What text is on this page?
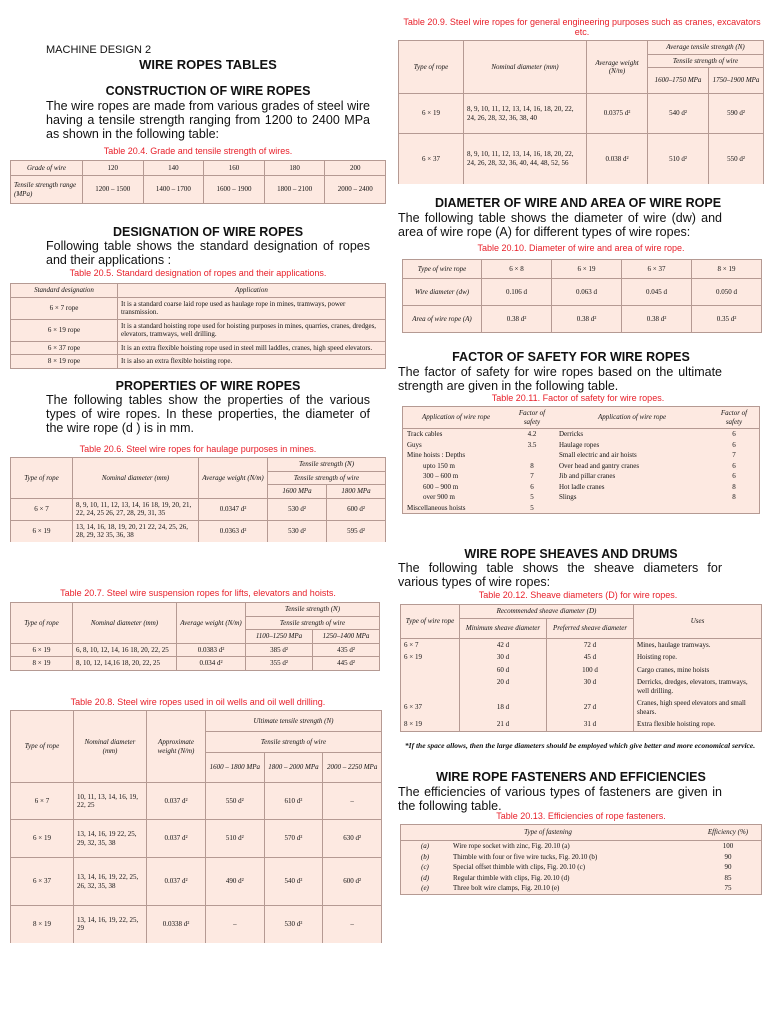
MACHINE DESIGN 2
WIRE ROPES TABLES
CONSTRUCTION OF WIRE ROPES
The wire ropes are made from various grades of steel wire having a tensile strength ranging from 1200 to 2400 MPa as shown in the following table:
Table 20.4. Grade and tensile strength of wires.
Grade of wire	120	140	160	180	200
Tensile strength range (MPa)	1200 – 1500	1400 – 1700	1600 – 1900	1800 – 2100	2000 – 2400
DESIGNATION OF WIRE ROPES
Following table shows the standard designation of ropes and their applications :
Table 20.5. Standard designation of ropes and their applications.
Standard designation	Application
6 × 7 rope	It is a standard coarse laid rope used as haulage rope in mines, tramways, power transmission.
6 × 19 rope	It is a standard hoisting rope used for hoisting purposes in mines, quarries, cranes, dredges, elevators, tramways, well drilling.
6 × 37 rope	It is an extra flexible hoisting rope used in steel mill laddles, cranes, high speed elevators.
8 × 19 rope	It is also an extra flexible hoisting rope.
PROPERTIES OF WIRE ROPES
The following tables show the properties of the various types of wire ropes. In these properties, the diameter of the wire rope (d ) is in mm.
Table 20.6. Steel wire ropes for haulage purposes in mines.
Type of rope	Nominal diameter (mm)	Average weight (N/m)	Tensile strength (N)	
			Tensile strength of wire	
			1600 MPa	1800 MPa
6 × 7	8, 9, 10, 11, 12, 13, 14, 16 18, 19, 20, 21, 22, 24, 25 26, 27, 28, 29, 31, 35	0.0347 d²	530 d²	600 d²
6 × 19	13, 14, 16, 18, 19, 20, 21 22, 24, 25, 26, 28, 29, 32 35, 36, 38	0.0363 d²	530 d²	595 d²
Table 20.7. Steel wire suspension ropes for lifts, elevators and hoists.
Type of rope	Nominal diameter (mm)	Average weight (N/m)	Tensile strength (N)	
			Tensile strength of wire	
			1100–1250 MPa	1250–1400 MPa
6 × 19	6, 8, 10, 12, 14, 16 18, 20, 22, 25	0.0383 d²	385 d²	435 d²
8 × 19	8, 10, 12, 14,16 18, 20, 22, 25	0.034 d²	355 d²	445 d²
Table 20.8. Steel wire ropes used in oil wells and oil well drilling.
Type of rope	Nominal diameter (mm)	Approximate weight (N/m)	Ultimate tensile strength (N)		
			Tensile strength of wire		
			1600 – 1800 MPa	1800 – 2000 MPa	2000 – 2250 MPa
6 × 7	10, 11, 13, 14, 16, 19, 22, 25	0.037 d²	550 d²	610 d²	–
6 × 19	13, 14, 16, 19 22, 25, 29, 32, 35, 38	0.037 d²	510 d²	570 d²	630 d²
6 × 37	13, 14, 16, 19, 22, 25, 26, 32, 35, 38	0.037 d²	490 d²	540 d²	600 d²
8 × 19	13, 14, 16, 19, 22, 25, 29	0.0338 d²	–	530 d²	–
Table 20.9. Steel wire ropes for general engineering purposes such as cranes, excavators etc.
Type of rope	Nominal diameter (mm)	Average weight (N/m)	Average tensile strength (N)	
			Tensile strength of wire	
			1600–1750 MPa	1750–1900 MPa
6 × 19	8, 9, 10, 11, 12, 13, 14, 16, 18, 20, 22, 24, 26, 28, 32, 36, 38, 40	0.0375 d²	540 d²	590 d²
6 × 37	8, 9, 10, 11, 12, 13, 14, 16, 18, 20, 22, 24, 26, 28, 32, 36, 40, 44, 48, 52, 56	0.038 d²	510 d²	550 d²
DIAMETER OF WIRE AND AREA OF WIRE ROPE
The following table shows the diameter of wire (dw) and area of wire rope (A) for different types of wire ropes:
Table 20.10. Diameter of wire and area of wire rope.
Type of wire rope	6 × 8	6 × 19	6 × 37	8 × 19
Wire diameter (dw)	0.106 d	0.063 d	0.045 d	0.050 d
Area of wire rope (A)	0.38 d²	0.38 d²	0.38 d²	0.35 d²
FACTOR OF SAFETY FOR WIRE ROPES
The factor of safety for wire ropes based on the ultimate strength are given in the following table.
Table 20.11. Factor of safety for wire ropes.
Application of wire rope	Factor of safety	Application of wire rope	Factor of safety
Track cables	4.2	Derricks	6
Guys	3.5	Haulage ropes	6
Mine hoists : Depths		Small electric and air hoists	7
upto 150 m	8	Over head and gantry cranes	6
300 – 600 m	7	Jib and pillar cranes	6
600 – 900 m	6	Hot ladle cranes	8
over 900 m	5	Slings	8
Miscellaneous hoists	5		
WIRE ROPE SHEAVES AND DRUMS
The following table shows the sheave diameters for various types of wire ropes:
Table 20.12. Sheave diameters (D) for wire ropes.
Type of wire rope	Recommended sheave diameter (D)		Uses
	Minimum sheave diameter	Preferred sheave diameter	
6 × 7	42 d	72 d	Mines, haulage tramways.
6 × 19	30 d	45 d	Hoisting rope.
	60 d	100 d	Cargo cranes, mine hoists
	20 d	30 d	Derricks, dredges, elevators, tramways, well drilling.
6 × 37	18 d	27 d	Cranes, high speed elevators and small shears.
8 × 19	21 d	31 d	Extra flexible hoisting rope.
*If the space allows, then the large diameters should be employed which give better and more economical service.
WIRE ROPE FASTENERS AND EFFICIENCIES
The efficiencies of various types of fasteners are given in the following table.
Table 20.13. Efficiencies of rope fasteners.
Type of fastening		Efficiency (%)
(a)	Wire rope socket with zinc, Fig. 20.10 (a)	100
(b)	Thimble with four or five wire tucks, Fig. 20.10 (b)	90
(c)	Special offset thimble with clips, Fig. 20.10 (c)	90
(d)	Regular thimble with clips, Fig. 20.10 (d)	85
(e)	Three bolt wire clamps, Fig. 20.10 (e)	75
